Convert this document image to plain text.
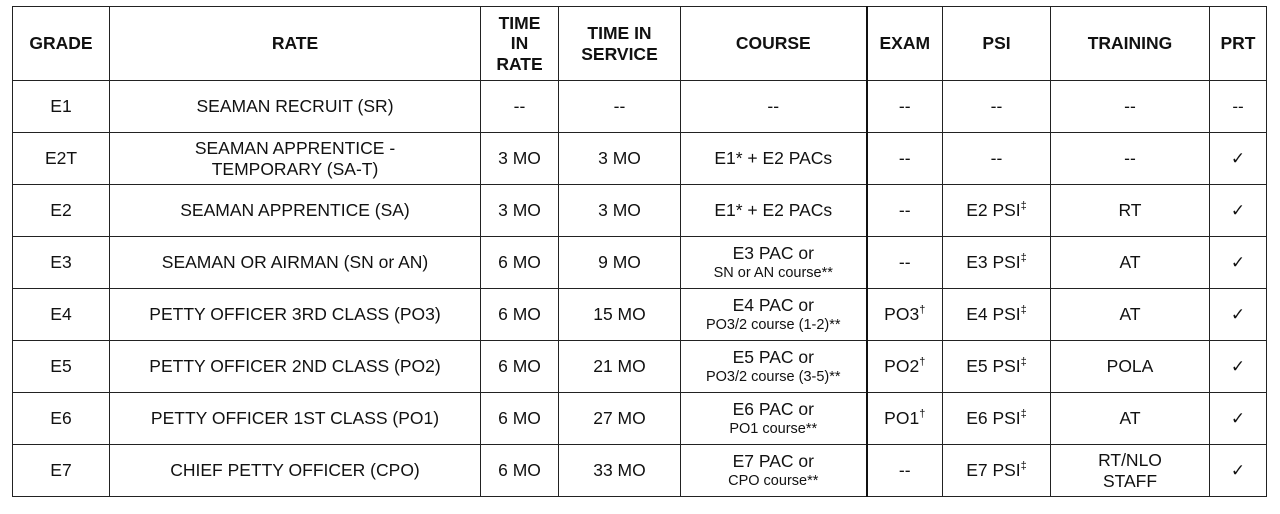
GRADE	RATE	TIME
IN
RATE	TIME IN
SERVICE	COURSE	EXAM	PSI	TRAINING	PRT
E1	SEAMAN RECRUIT (SR)	--	--	--	--	--	--	--
E2T	SEAMAN APPRENTICE -
TEMPORARY (SA-T)	3 MO	3 MO	E1* + E2 PACs	--	--	--	✓
E2	SEAMAN APPRENTICE (SA)	3 MO	3 MO	E1* + E2 PACs	--	E2 PSI‡	RT	✓
E3	SEAMAN OR AIRMAN (SN or AN)	6 MO	9 MO	E3 PAC or
SN or AN course**	--	E3 PSI‡	AT	✓
E4	PETTY OFFICER 3RD CLASS (PO3)	6 MO	15 MO	E4 PAC or
PO3/2 course (1-2)**	PO3†	E4 PSI‡	AT	✓
E5	PETTY OFFICER 2ND CLASS (PO2)	6 MO	21 MO	E5 PAC or
PO3/2 course (3-5)**	PO2†	E5 PSI‡	POLA	✓
E6	PETTY OFFICER 1ST CLASS (PO1)	6 MO	27 MO	E6 PAC or
PO1 course**	PO1†	E6 PSI‡	AT	✓
E7	CHIEF PETTY OFFICER (CPO)	6 MO	33 MO	E7 PAC or
CPO course**	--	E7 PSI‡	RT/NLO
STAFF	✓
